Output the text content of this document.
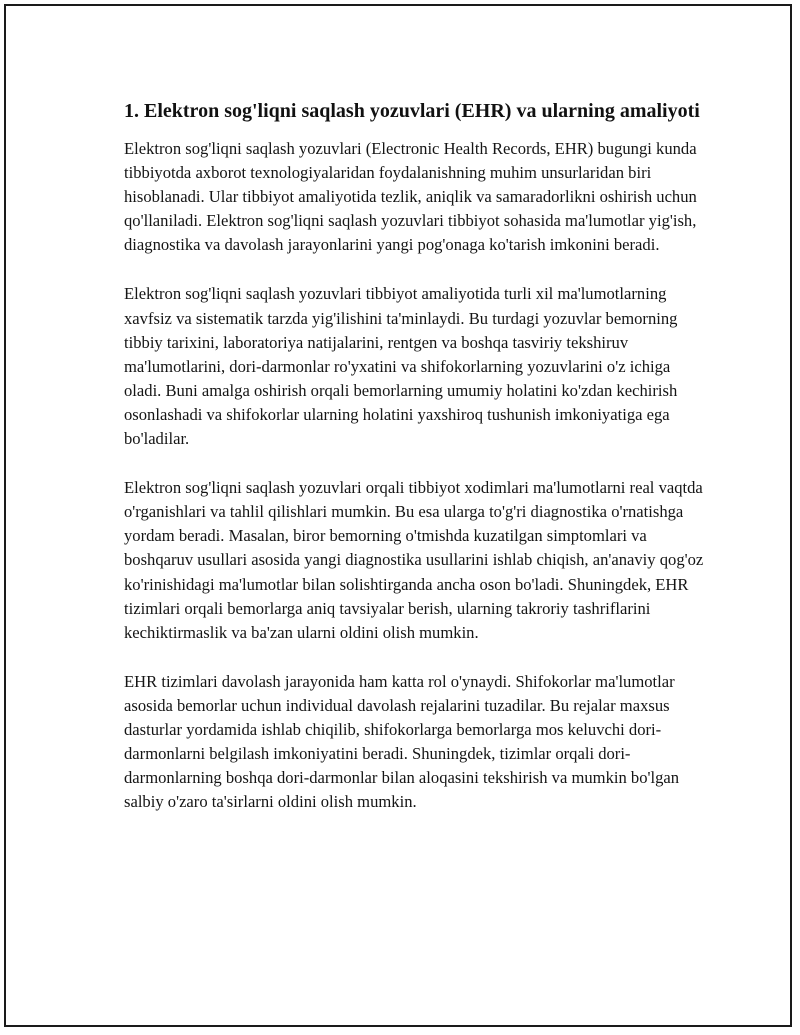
1. Elektron sog'liqni saqlash yozuvlari (EHR) va ularning amaliyoti

Elektron sog'liqni saqlash yozuvlari (Electronic Health Records, EHR) bugungi kunda tibbiyotda axborot texnologiyalaridan foydalanishning muhim unsurlaridan biri hisoblanadi. Ular tibbiyot amaliyotida tezlik, aniqlik va samaradorlikni oshirish uchun qo'llaniladi. Elektron sog'liqni saqlash yozuvlari tibbiyot sohasida ma'lumotlar yig'ish, diagnostika va davolash jarayonlarini yangi pog'onaga ko'tarish imkonini beradi.

Elektron sog'liqni saqlash yozuvlari tibbiyot amaliyotida turli xil ma'lumotlarning xavfsiz va sistematik tarzda yig'ilishini ta'minlaydi. Bu turdagi yozuvlar bemorning tibbiy tarixini, laboratoriya natijalarini, rentgen va boshqa tasviriy tekshiruv ma'lumotlarini, dori-darmonlar ro'yxatini va shifokorlarning yozuvlarini o'z ichiga oladi. Buni amalga oshirish orqali bemorlarning umumiy holatini ko'zdan kechirish osonlashadi va shifokorlar ularning holatini yaxshiroq tushunish imkoniyatiga ega bo'ladilar.

Elektron sog'liqni saqlash yozuvlari orqali tibbiyot xodimlari ma'lumotlarni real vaqtda o'rganishlari va tahlil qilishlari mumkin. Bu esa ularga to'g'ri diagnostika o'rnatishga yordam beradi. Masalan, biror bemorning o'tmishda kuzatilgan simptomlari va boshqaruv usullari asosida yangi diagnostika usullarini ishlab chiqish, an'anaviy qog'oz ko'rinishidagi ma'lumotlar bilan solishtirganda ancha oson bo'ladi. Shuningdek, EHR tizimlari orqali bemorlarga aniq tavsiyalar berish, ularning takroriy tashriflarini kechiktirmaslik va ba'zan ularni oldini olish mumkin.

EHR tizimlari davolash jarayonida ham katta rol o'ynaydi. Shifokorlar ma'lumotlar asosida bemorlar uchun individual davolash rejalarini tuzadilar. Bu rejalar maxsus dasturlar yordamida ishlab chiqilib, shifokorlarga bemorlarga mos keluvchi dori-darmonlarni belgilash imkoniyatini beradi. Shuningdek, tizimlar orqali dori-darmonlarning boshqa dori-darmonlar bilan aloqasini tekshirish va mumkin bo'lgan salbiy o'zaro ta'sirlarni oldini olish mumkin.
